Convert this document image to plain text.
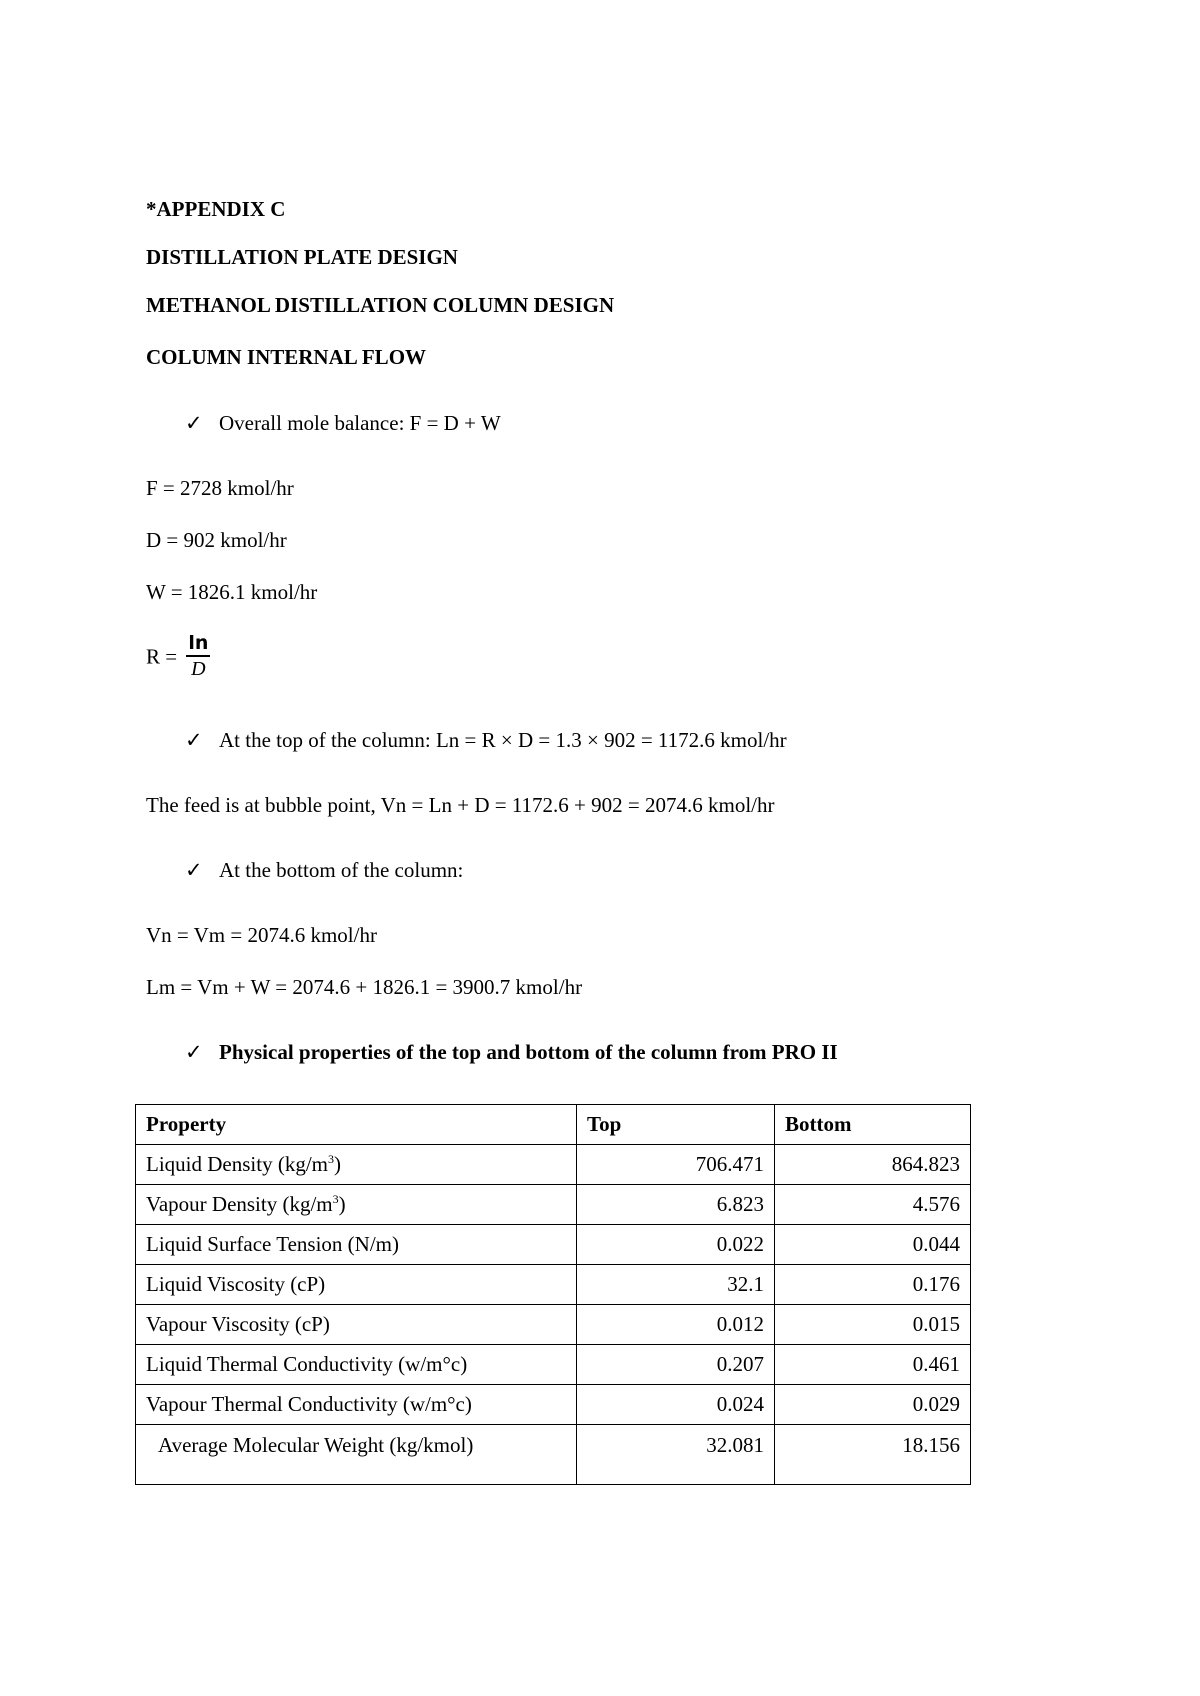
*APPENDIX C
DISTILLATION PLATE DESIGN
METHANOL DISTILLATION COLUMN DESIGN
COLUMN INTERNAL FLOW
✓ Overall mole balance: F = D + W
F = 2728 kmol/hr
D = 902 kmol/hr
W = 1826.1 kmol/hr
$R = \frac{\ln}{D}$
✓ At the top of the column: Ln = R × D = 1.3 × 902 = 1172.6 kmol/hr
The feed is at bubble point, Vn = Ln + D = 1172.6 + 902 = 2074.6 kmol/hr
✓ At the bottom of the column:
Vn = Vm = 2074.6 kmol/hr
Lm = Vm + W = 2074.6 + 1826.1 = 3900.7 kmol/hr
✓ Physical properties of the top and bottom of the column from PRO II
Property	Top	Bottom
Liquid Density $(kg/m^3)$	706.471	864.823
Vapour Density $(kg/m^3)$	6.823	4.576
Liquid Surface Tension (N/m)	0.022	0.044
Liquid Viscosity (cP)	32.1	0.176
Vapour Viscosity (cP)	0.012	0.015
Liquid Thermal Conductivity (w/m°c)	0.207	0.461
Vapour Thermal Conductivity (w/m°c)	0.024	0.029
Average Molecular Weight (kg/kmol)	32.081	18.156
